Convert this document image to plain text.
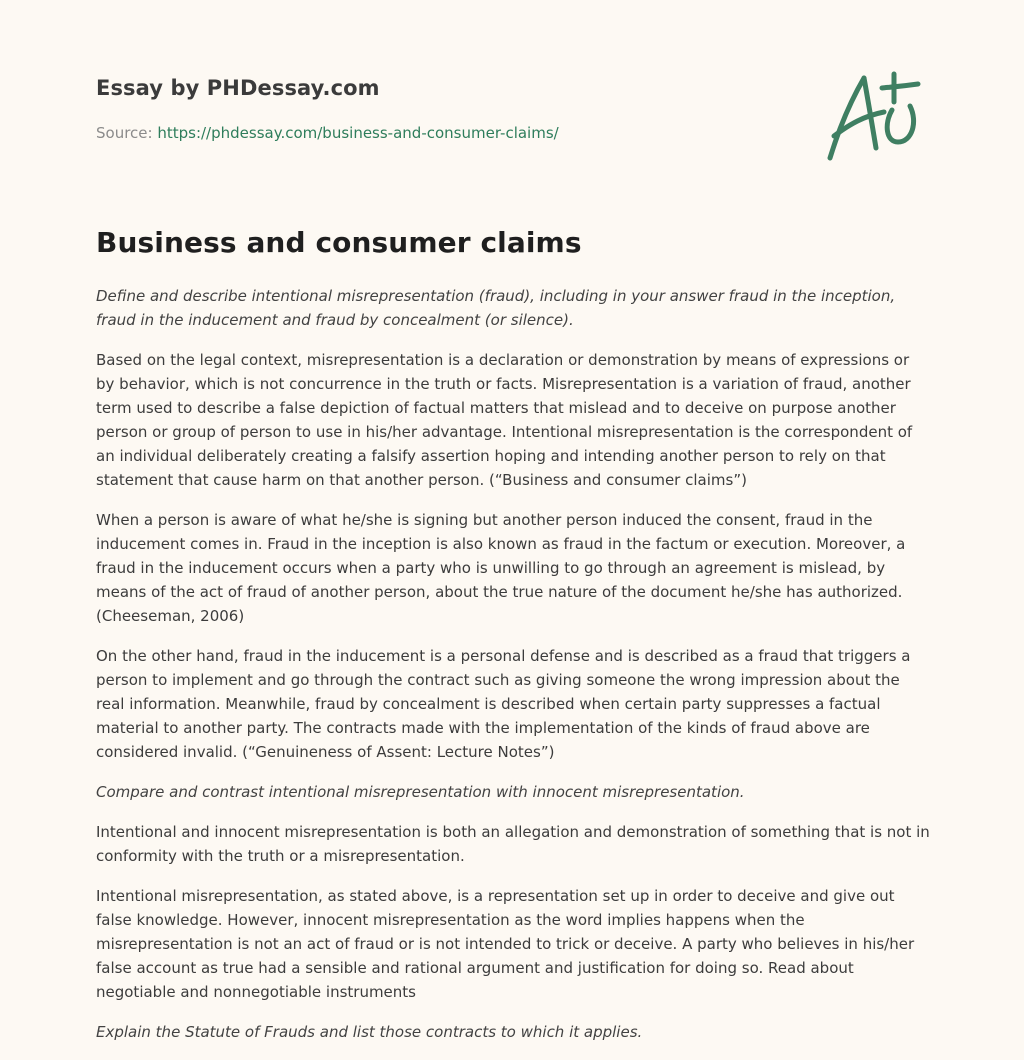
Essay by PHDessay.com

Source: https://phdessay.com/business-and-consumer-claims/

Business and consumer claims

Define and describe intentional misrepresentation (fraud), including in your answer fraud in the inception, fraud in the inducement and fraud by concealment (or silence).

Based on the legal context, misrepresentation is a declaration or demonstration by means of expressions or by behavior, which is not concurrence in the truth or facts. Misrepresentation is a variation of fraud, another term used to describe a false depiction of factual matters that mislead and to deceive on purpose another person or group of person to use in his/her advantage. Intentional misrepresentation is the correspondent of an individual deliberately creating a falsify assertion hoping and intending another person to rely on that statement that cause harm on that another person. (“Business and consumer claims”)

When a person is aware of what he/she is signing but another person induced the consent, fraud in the inducement comes in. Fraud in the inception is also known as fraud in the factum or execution. Moreover, a fraud in the inducement occurs when a party who is unwilling to go through an agreement is mislead, by means of the act of fraud of another person, about the true nature of the document he/she has authorized. (Cheeseman, 2006)

On the other hand, fraud in the inducement is a personal defense and is described as a fraud that triggers a person to implement and go through the contract such as giving someone the wrong impression about the real information. Meanwhile, fraud by concealment is described when certain party suppresses a factual material to another party. The contracts made with the implementation of the kinds of fraud above are considered invalid. (“Genuineness of Assent: Lecture Notes”)

Compare and contrast intentional misrepresentation with innocent misrepresentation.

Intentional and innocent misrepresentation is both an allegation and demonstration of something that is not in conformity with the truth or a misrepresentation.

Intentional misrepresentation, as stated above, is a representation set up in order to deceive and give out false knowledge. However, innocent misrepresentation as the word implies happens when the misrepresentation is not an act of fraud or is not intended to trick or deceive. A party who believes in his/her false account as true had a sensible and rational argument and justification for doing so. Read about negotiable and nonnegotiable instruments

Explain the Statute of Frauds and list those contracts to which it applies.
